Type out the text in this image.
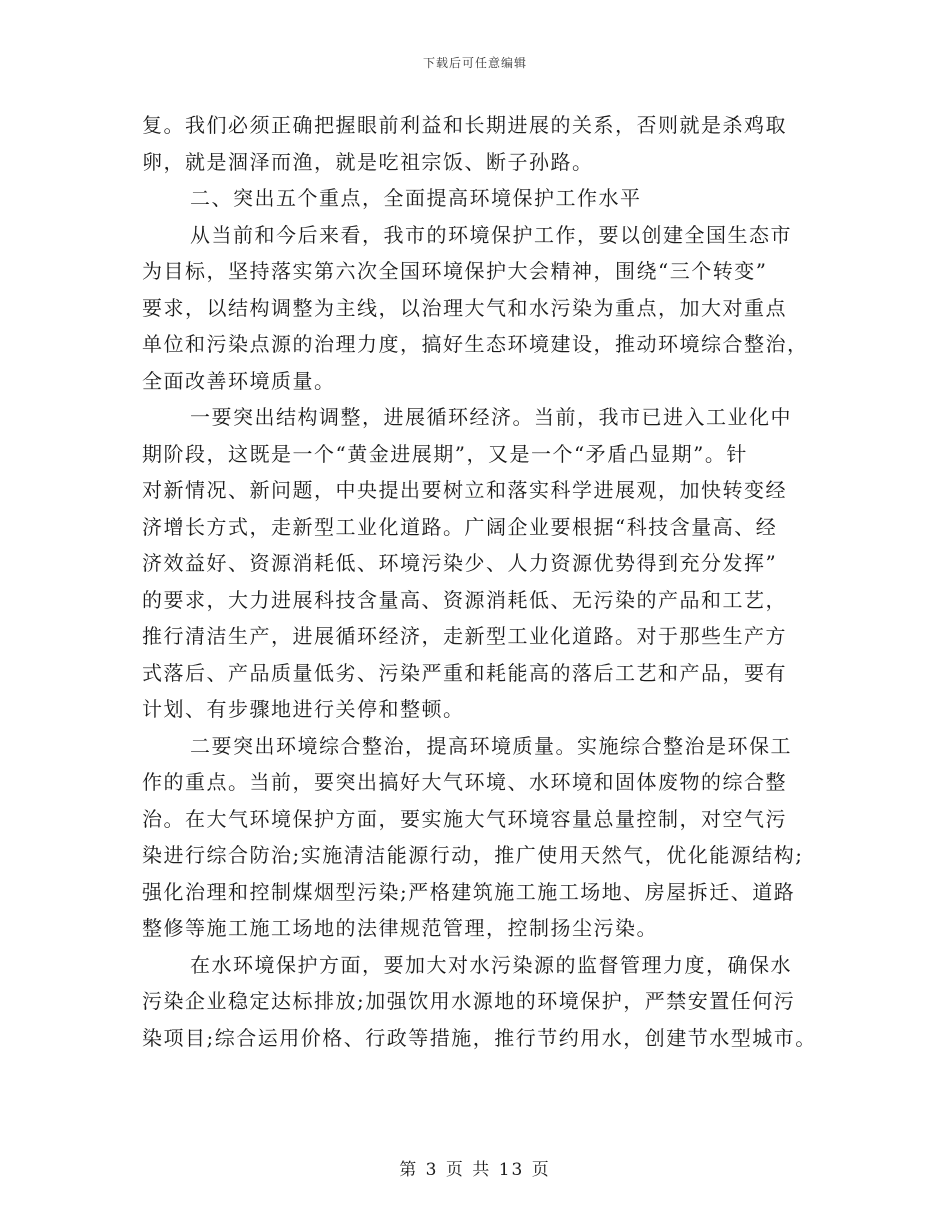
下载后可任意编辑
复。我们必须正确把握眼前利益和长期进展的关系，否则就是杀鸡取
卵，就是涸泽而渔，就是吃祖宗饭、断子孙路。
二、突出五个重点，全面提高环境保护工作水平
从当前和今后来看，我市的环境保护工作，要以创建全国生态市
为目标，坚持落实第六次全国环境保护大会精神，围绕“三个转变”
要求，以结构调整为主线，以治理大气和水污染为重点，加大对重点
单位和污染点源的治理力度，搞好生态环境建设，推动环境综合整治，
全面改善环境质量。
一要突出结构调整，进展循环经济。当前，我市已进入工业化中
期阶段，这既是一个“黄金进展期”，又是一个“矛盾凸显期”。针
对新情况、新问题，中央提出要树立和落实科学进展观，加快转变经
济增长方式，走新型工业化道路。广阔企业要根据“科技含量高、经
济效益好、资源消耗低、环境污染少、人力资源优势得到充分发挥”
的要求，大力进展科技含量高、资源消耗低、无污染的产品和工艺，
推行清洁生产，进展循环经济，走新型工业化道路。对于那些生产方
式落后、产品质量低劣、污染严重和耗能高的落后工艺和产品，要有
计划、有步骤地进行关停和整顿。
二要突出环境综合整治，提高环境质量。实施综合整治是环保工
作的重点。当前，要突出搞好大气环境、水环境和固体废物的综合整
治。在大气环境保护方面，要实施大气环境容量总量控制，对空气污
染进行综合防治;实施清洁能源行动，推广使用天然气，优化能源结构;
强化治理和控制煤烟型污染;严格建筑施工施工场地、房屋拆迁、道路
整修等施工施工场地的法律规范管理，控制扬尘污染。
在水环境保护方面，要加大对水污染源的监督管理力度，确保水
污染企业稳定达标排放;加强饮用水源地的环境保护，严禁安置任何污
染项目;综合运用价格、行政等措施，推行节约用水，创建节水型城市。
第 3 页 共 13 页
